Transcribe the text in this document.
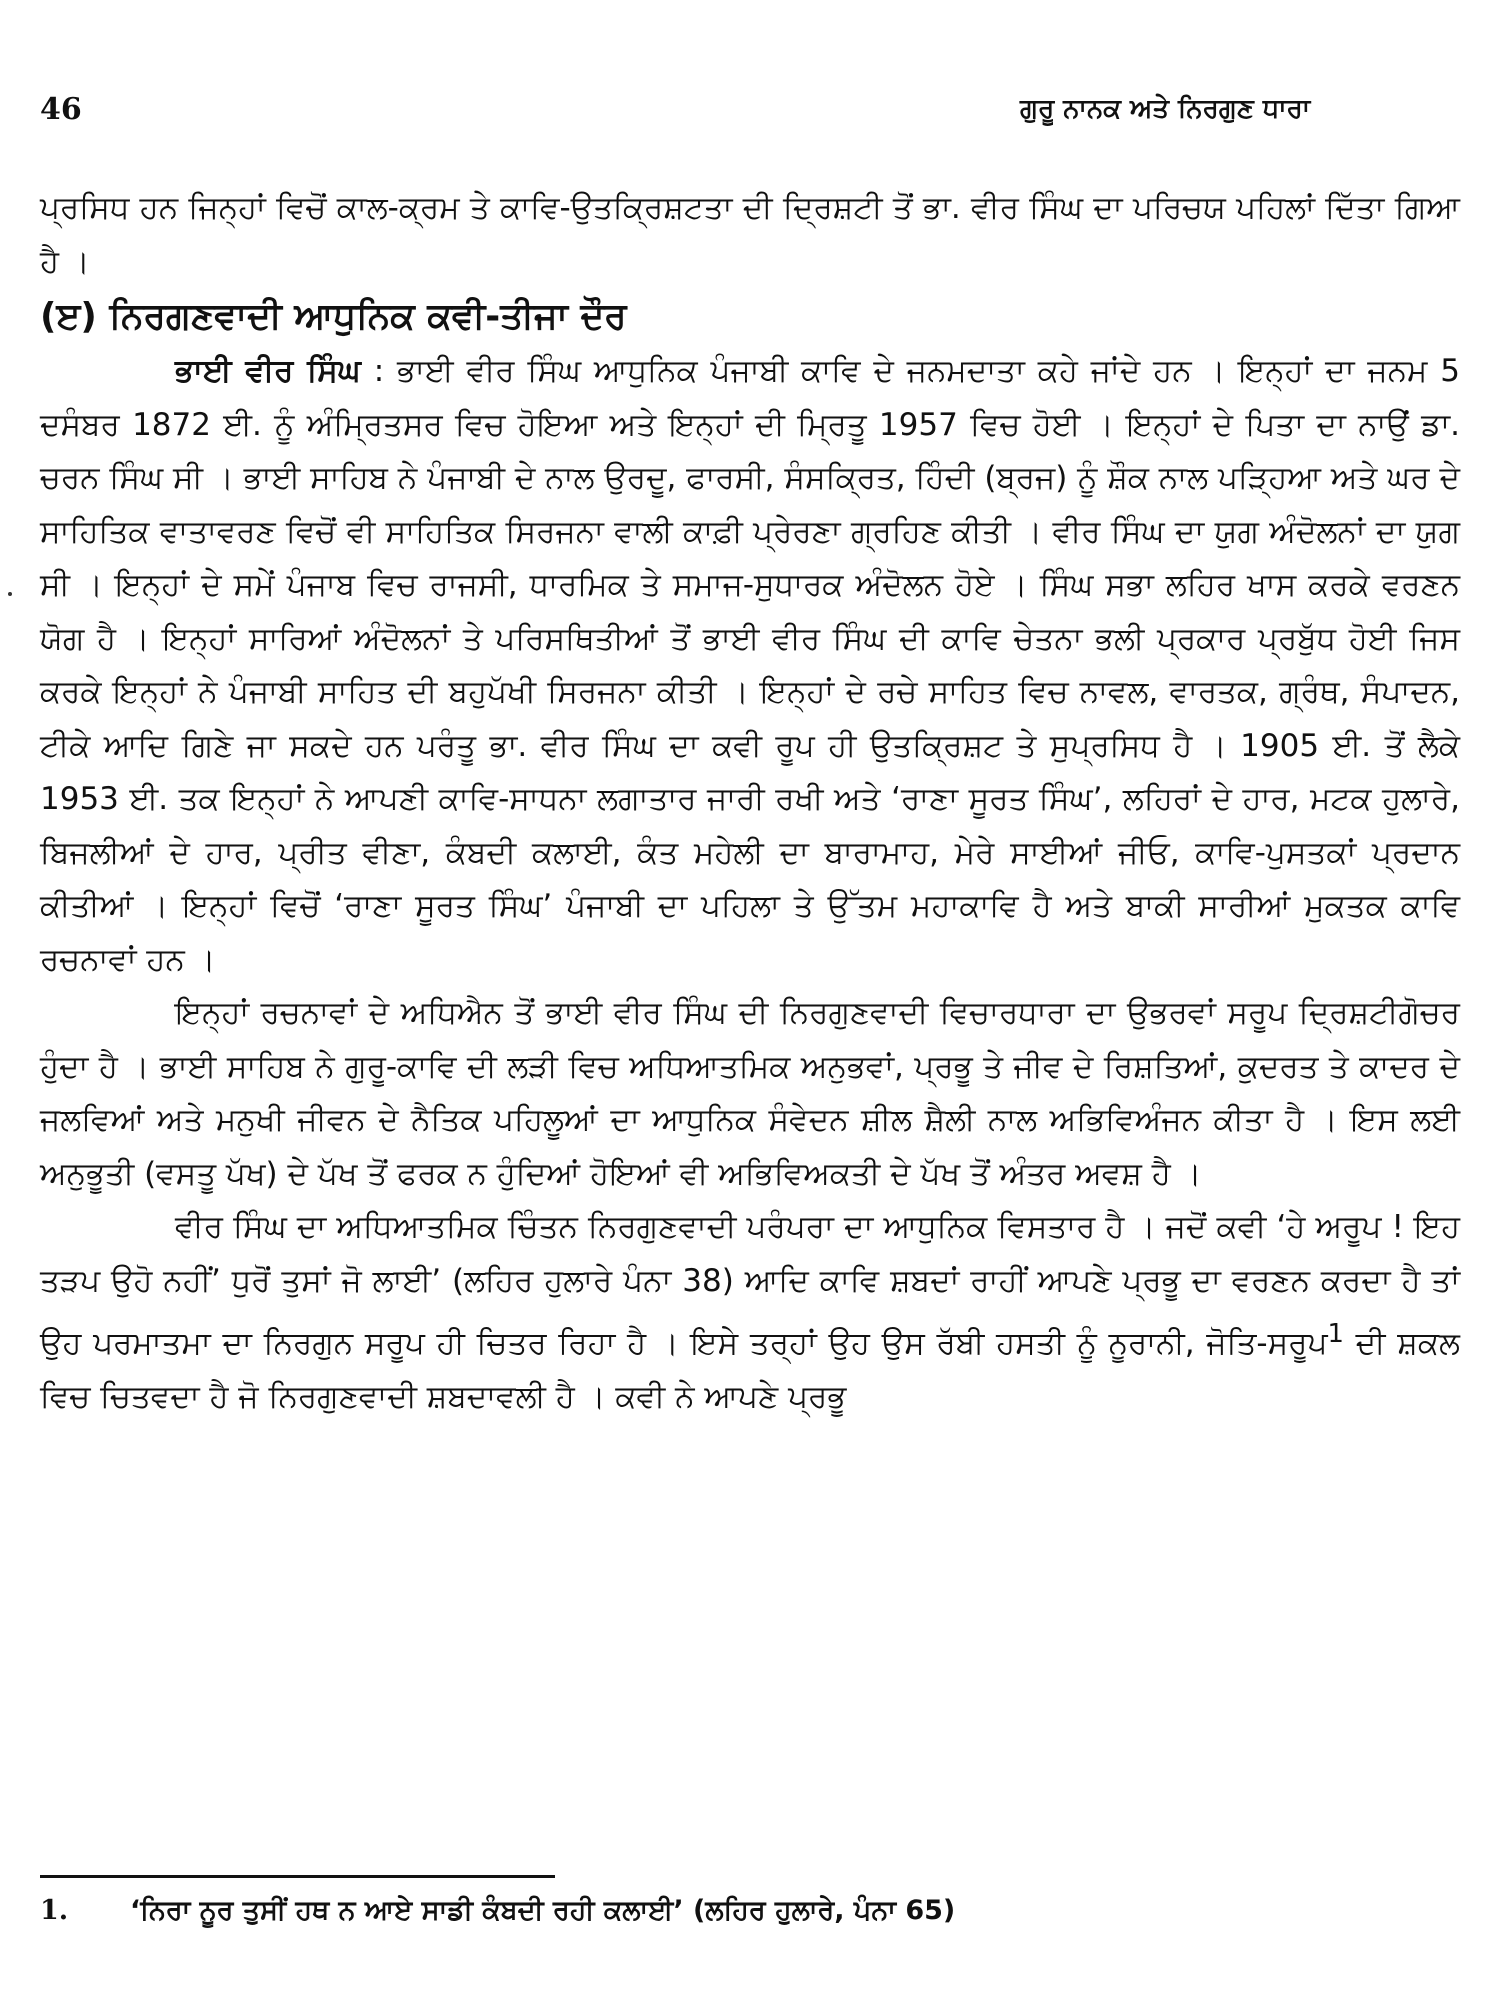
46	ਗੁਰੂ ਨਾਨਕ ਅਤੇ ਨਿਰਗੁਣ ਧਾਰਾ

ਪ੍ਰਸਿਧ ਹਨ ਜਿਨ੍ਹਾਂ ਵਿਚੋਂ ਕਾਲ-ਕ੍ਰਮ ਤੇ ਕਾਵਿ-ਉਤਕ੍ਰਿਸ਼ਟਤਾ ਦੀ ਦ੍ਰਿਸ਼ਟੀ ਤੋਂ ਭਾ. ਵੀਰ ਸਿੰਘ ਦਾ ਪਰਿਚਯ ਪਹਿਲਾਂ ਦਿੱਤਾ ਗਿਆ ਹੈ ।

(ੲ) ਨਿਰਗਣਵਾਦੀ ਆਧੁਨਿਕ ਕਵੀ-ਤੀਜਾ ਦੌਰ

ਭਾਈ ਵੀਰ ਸਿੰਘ : ਭਾਈ ਵੀਰ ਸਿੰਘ ਆਧੁਨਿਕ ਪੰਜਾਬੀ ਕਾਵਿ ਦੇ ਜਨਮਦਾਤਾ ਕਹੇ ਜਾਂਦੇ ਹਨ । ਇਨ੍ਹਾਂ ਦਾ ਜਨਮ 5 ਦਸੰਬਰ 1872 ਈ. ਨੂੰ ਅੰਮ੍ਰਿਤਸਰ ਵਿਚ ਹੋਇਆ ਅਤੇ ਇਨ੍ਹਾਂ ਦੀ ਮ੍ਰਿਤੂ 1957 ਵਿਚ ਹੋਈ । ਇਨ੍ਹਾਂ ਦੇ ਪਿਤਾ ਦਾ ਨਾਉਂ ਡਾ. ਚਰਨ ਸਿੰਘ ਸੀ । ਭਾਈ ਸਾਹਿਬ ਨੇ ਪੰਜਾਬੀ ਦੇ ਨਾਲ ਉਰਦੂ, ਫਾਰਸੀ, ਸੰਸਕ੍ਰਿਤ, ਹਿੰਦੀ (ਬ੍ਰਜ) ਨੂੰ ਸ਼ੌਕ ਨਾਲ ਪੜ੍ਹਿਆ ਅਤੇ ਘਰ ਦੇ ਸਾਹਿਤਿਕ ਵਾਤਾਵਰਣ ਵਿਚੋਂ ਵੀ ਸਾਹਿਤਿਕ ਸਿਰਜਨਾ ਵਾਲੀ ਕਾਫ਼ੀ ਪ੍ਰੇਰਣਾ ਗ੍ਰਹਿਣ ਕੀਤੀ । ਵੀਰ ਸਿੰਘ ਦਾ ਯੁਗ ਅੰਦੋਲਨਾਂ ਦਾ ਯੁਗ ਸੀ । ਇਨ੍ਹਾਂ ਦੇ ਸਮੇਂ ਪੰਜਾਬ ਵਿਚ ਰਾਜਸੀ, ਧਾਰਮਿਕ ਤੇ ਸਮਾਜ-ਸੁਧਾਰਕ ਅੰਦੋਲਨ ਹੋਏ । ਸਿੰਘ ਸਭਾ ਲਹਿਰ ਖਾਸ ਕਰਕੇ ਵਰਣਨ ਯੋਗ ਹੈ । ਇਨ੍ਹਾਂ ਸਾਰਿਆਂ ਅੰਦੋਲਨਾਂ ਤੇ ਪਰਿਸਥਿਤੀਆਂ ਤੋਂ ਭਾਈ ਵੀਰ ਸਿੰਘ ਦੀ ਕਾਵਿ ਚੇਤਨਾ ਭਲੀ ਪ੍ਰਕਾਰ ਪ੍ਰਬੁੱਧ ਹੋਈ ਜਿਸ ਕਰਕੇ ਇਨ੍ਹਾਂ ਨੇ ਪੰਜਾਬੀ ਸਾਹਿਤ ਦੀ ਬਹੁਪੱਖੀ ਸਿਰਜਨਾ ਕੀਤੀ । ਇਨ੍ਹਾਂ ਦੇ ਰਚੇ ਸਾਹਿਤ ਵਿਚ ਨਾਵਲ, ਵਾਰਤਕ, ਗ੍ਰੰਥ, ਸੰਪਾਦਨ, ਟੀਕੇ ਆਦਿ ਗਿਣੇ ਜਾ ਸਕਦੇ ਹਨ ਪਰੰਤੂ ਭਾ. ਵੀਰ ਸਿੰਘ ਦਾ ਕਵੀ ਰੂਪ ਹੀ ਉਤਕ੍ਰਿਸ਼ਟ ਤੇ ਸੁਪ੍ਰਸਿਧ ਹੈ । 1905 ਈ. ਤੋਂ ਲੈਕੇ 1953 ਈ. ਤਕ ਇਨ੍ਹਾਂ ਨੇ ਆਪਣੀ ਕਾਵਿ-ਸਾਧਨਾ ਲਗਾਤਾਰ ਜਾਰੀ ਰਖੀ ਅਤੇ ‘ਰਾਣਾ ਸੂਰਤ ਸਿੰਘ’, ਲਹਿਰਾਂ ਦੇ ਹਾਰ, ਮਟਕ ਹੁਲਾਰੇ, ਬਿਜਲੀਆਂ ਦੇ ਹਾਰ, ਪ੍ਰੀਤ ਵੀਣਾ, ਕੰਬਦੀ ਕਲਾਈ, ਕੰਤ ਮਹੇਲੀ ਦਾ ਬਾਰਾਮਾਹ, ਮੇਰੇ ਸਾਈਆਂ ਜੀਓ, ਕਾਵਿ-ਪੁਸਤਕਾਂ ਪ੍ਰਦਾਨ ਕੀਤੀਆਂ । ਇਨ੍ਹਾਂ ਵਿਚੋਂ ‘ਰਾਣਾ ਸੂਰਤ ਸਿੰਘ’ ਪੰਜਾਬੀ ਦਾ ਪਹਿਲਾ ਤੇ ਉੱਤਮ ਮਹਾਕਾਵਿ ਹੈ ਅਤੇ ਬਾਕੀ ਸਾਰੀਆਂ ਮੁਕਤਕ ਕਾਵਿ ਰਚਨਾਵਾਂ ਹਨ ।

ਇਨ੍ਹਾਂ ਰਚਨਾਵਾਂ ਦੇ ਅਧਿਐਨ ਤੋਂ ਭਾਈ ਵੀਰ ਸਿੰਘ ਦੀ ਨਿਰਗੁਣਵਾਦੀ ਵਿਚਾਰਧਾਰਾ ਦਾ ਉਭਰਵਾਂ ਸਰੂਪ ਦ੍ਰਿਸ਼ਟੀਗੋਚਰ ਹੁੰਦਾ ਹੈ । ਭਾਈ ਸਾਹਿਬ ਨੇ ਗੁਰੂ-ਕਾਵਿ ਦੀ ਲੜੀ ਵਿਚ ਅਧਿਆਤਮਿਕ ਅਨੁਭਵਾਂ, ਪ੍ਰਭੂ ਤੇ ਜੀਵ ਦੇ ਰਿਸ਼ਤਿਆਂ, ਕੁਦਰਤ ਤੇ ਕਾਦਰ ਦੇ ਜਲਵਿਆਂ ਅਤੇ ਮਨੁਖੀ ਜੀਵਨ ਦੇ ਨੈਤਿਕ ਪਹਿਲੂਆਂ ਦਾ ਆਧੁਨਿਕ ਸੰਵੇਦਨ ਸ਼ੀਲ ਸ਼ੈਲੀ ਨਾਲ ਅਭਿਵਿਅੰਜਨ ਕੀਤਾ ਹੈ । ਇਸ ਲਈ ਅਨੁਭੂਤੀ (ਵਸਤੂ ਪੱਖ) ਦੇ ਪੱਖ ਤੋਂ ਫਰਕ ਨ ਹੁੰਦਿਆਂ ਹੋਇਆਂ ਵੀ ਅਭਿਵਿਅਕਤੀ ਦੇ ਪੱਖ ਤੋਂ ਅੰਤਰ ਅਵਸ਼ ਹੈ ।

ਵੀਰ ਸਿੰਘ ਦਾ ਅਧਿਆਤਮਿਕ ਚਿੰਤਨ ਨਿਰਗੁਣਵਾਦੀ ਪਰੰਪਰਾ ਦਾ ਆਧੁਨਿਕ ਵਿਸਤਾਰ ਹੈ । ਜਦੋਂ ਕਵੀ ‘ਹੇ ਅਰੂਪ ! ਇਹ ਤੜਪ ਉਹੋ ਨਹੀਂ’ ਧੁਰੋਂ ਤੁਸਾਂ ਜੋ ਲਾਈ’ (ਲਹਿਰ ਹੁਲਾਰੇ ਪੰਨਾ 38) ਆਦਿ ਕਾਵਿ ਸ਼ਬਦਾਂ ਰਾਹੀਂ ਆਪਣੇ ਪ੍ਰਭੂ ਦਾ ਵਰਣਨ ਕਰਦਾ ਹੈ ਤਾਂ ਉਹ ਪਰਮਾਤਮਾ ਦਾ ਨਿਰਗੁਨ ਸਰੂਪ ਹੀ ਚਿਤਰ ਰਿਹਾ ਹੈ । ਇਸੇ ਤਰ੍ਹਾਂ ਉਹ ਉਸ ਰੱਬੀ ਹਸਤੀ ਨੂੰ ਨੂਰਾਨੀ, ਜੋਤਿ-ਸਰੂਪ$^1$ ਦੀ ਸ਼ਕਲ ਵਿਚ ਚਿਤਵਦਾ ਹੈ ਜੋ ਨਿਰਗੁਣਵਾਦੀ ਸ਼ਬਦਾਵਲੀ ਹੈ । ਕਵੀ ਨੇ ਆਪਣੇ ਪ੍ਰਭੂ

1. ‘ਨਿਰਾ ਨੂਰ ਤੁਸੀਂ ਹਥ ਨ ਆਏ ਸਾਡੀ ਕੰਬਦੀ ਰਹੀ ਕਲਾਈ’ (ਲਹਿਰ ਹੁਲਾਰੇ, ਪੰਨਾ 65)
